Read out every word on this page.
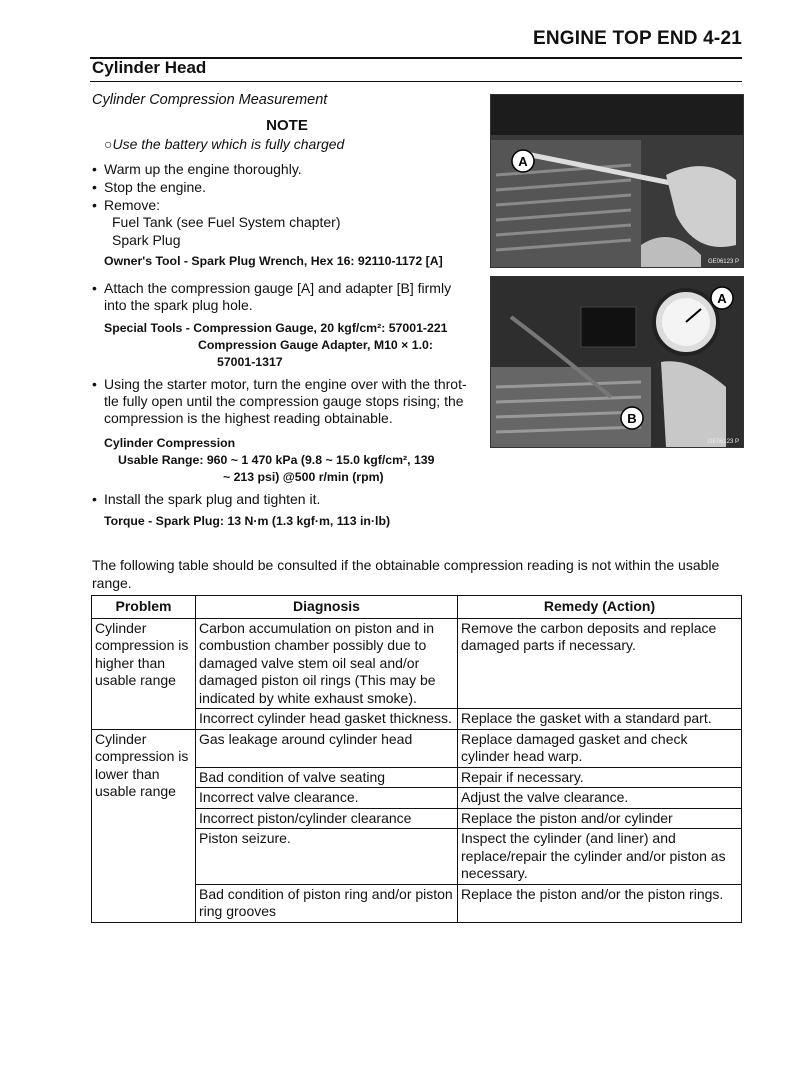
ENGINE TOP END 4-21
Cylinder Head
Cylinder Compression Measurement
NOTE
○Use the battery which is fully charged
• Warm up the engine thoroughly.
• Stop the engine.
• Remove:
Fuel Tank (see Fuel System chapter)
Spark Plug
Owner's Tool - Spark Plug Wrench, Hex 16: 92110-1172 [A]
• Attach the compression gauge [A] and adapter [B] firmly
into the spark plug hole.
Special Tools - Compression Gauge, 20 kgf/cm²: 57001-221
Compression Gauge Adapter, M10 × 1.0:
57001-1317
• Using the starter motor, turn the engine over with the throt-
tle fully open until the compression gauge stops rising; the
compression is the highest reading obtainable.
Cylinder Compression
Usable Range: 960 ~ 1 470 kPa (9.8 ~ 15.0 kgf/cm², 139
~ 213 psi) @500 r/min (rpm)
• Install the spark plug and tighten it.
Torque - Spark Plug: 13 N·m (1.3 kgf·m, 113 in·lb)
A
GE06123 P
A
B
GE06123 P
The following table should be consulted if the obtainable compression reading is not within the usable range.
Problem	Diagnosis	Remedy (Action)
Cylinder compression is higher than usable range	Carbon accumulation on piston and in combustion chamber possibly due to damaged valve stem oil seal and/or damaged piston oil rings (This may be indicated by white exhaust smoke).	Remove the carbon deposits and replace damaged parts if necessary.
	Incorrect cylinder head gasket thickness.	Replace the gasket with a standard part.
Cylinder compression is lower than usable range	Gas leakage around cylinder head	Replace damaged gasket and check cylinder head warp.
	Bad condition of valve seating	Repair if necessary.
	Incorrect valve clearance.	Adjust the valve clearance.
	Incorrect piston/cylinder clearance	Replace the piston and/or cylinder
	Piston seizure.	Inspect the cylinder (and liner) and replace/repair the cylinder and/or piston as necessary.
	Bad condition of piston ring and/or piston ring grooves	Replace the piston and/or the piston rings.
